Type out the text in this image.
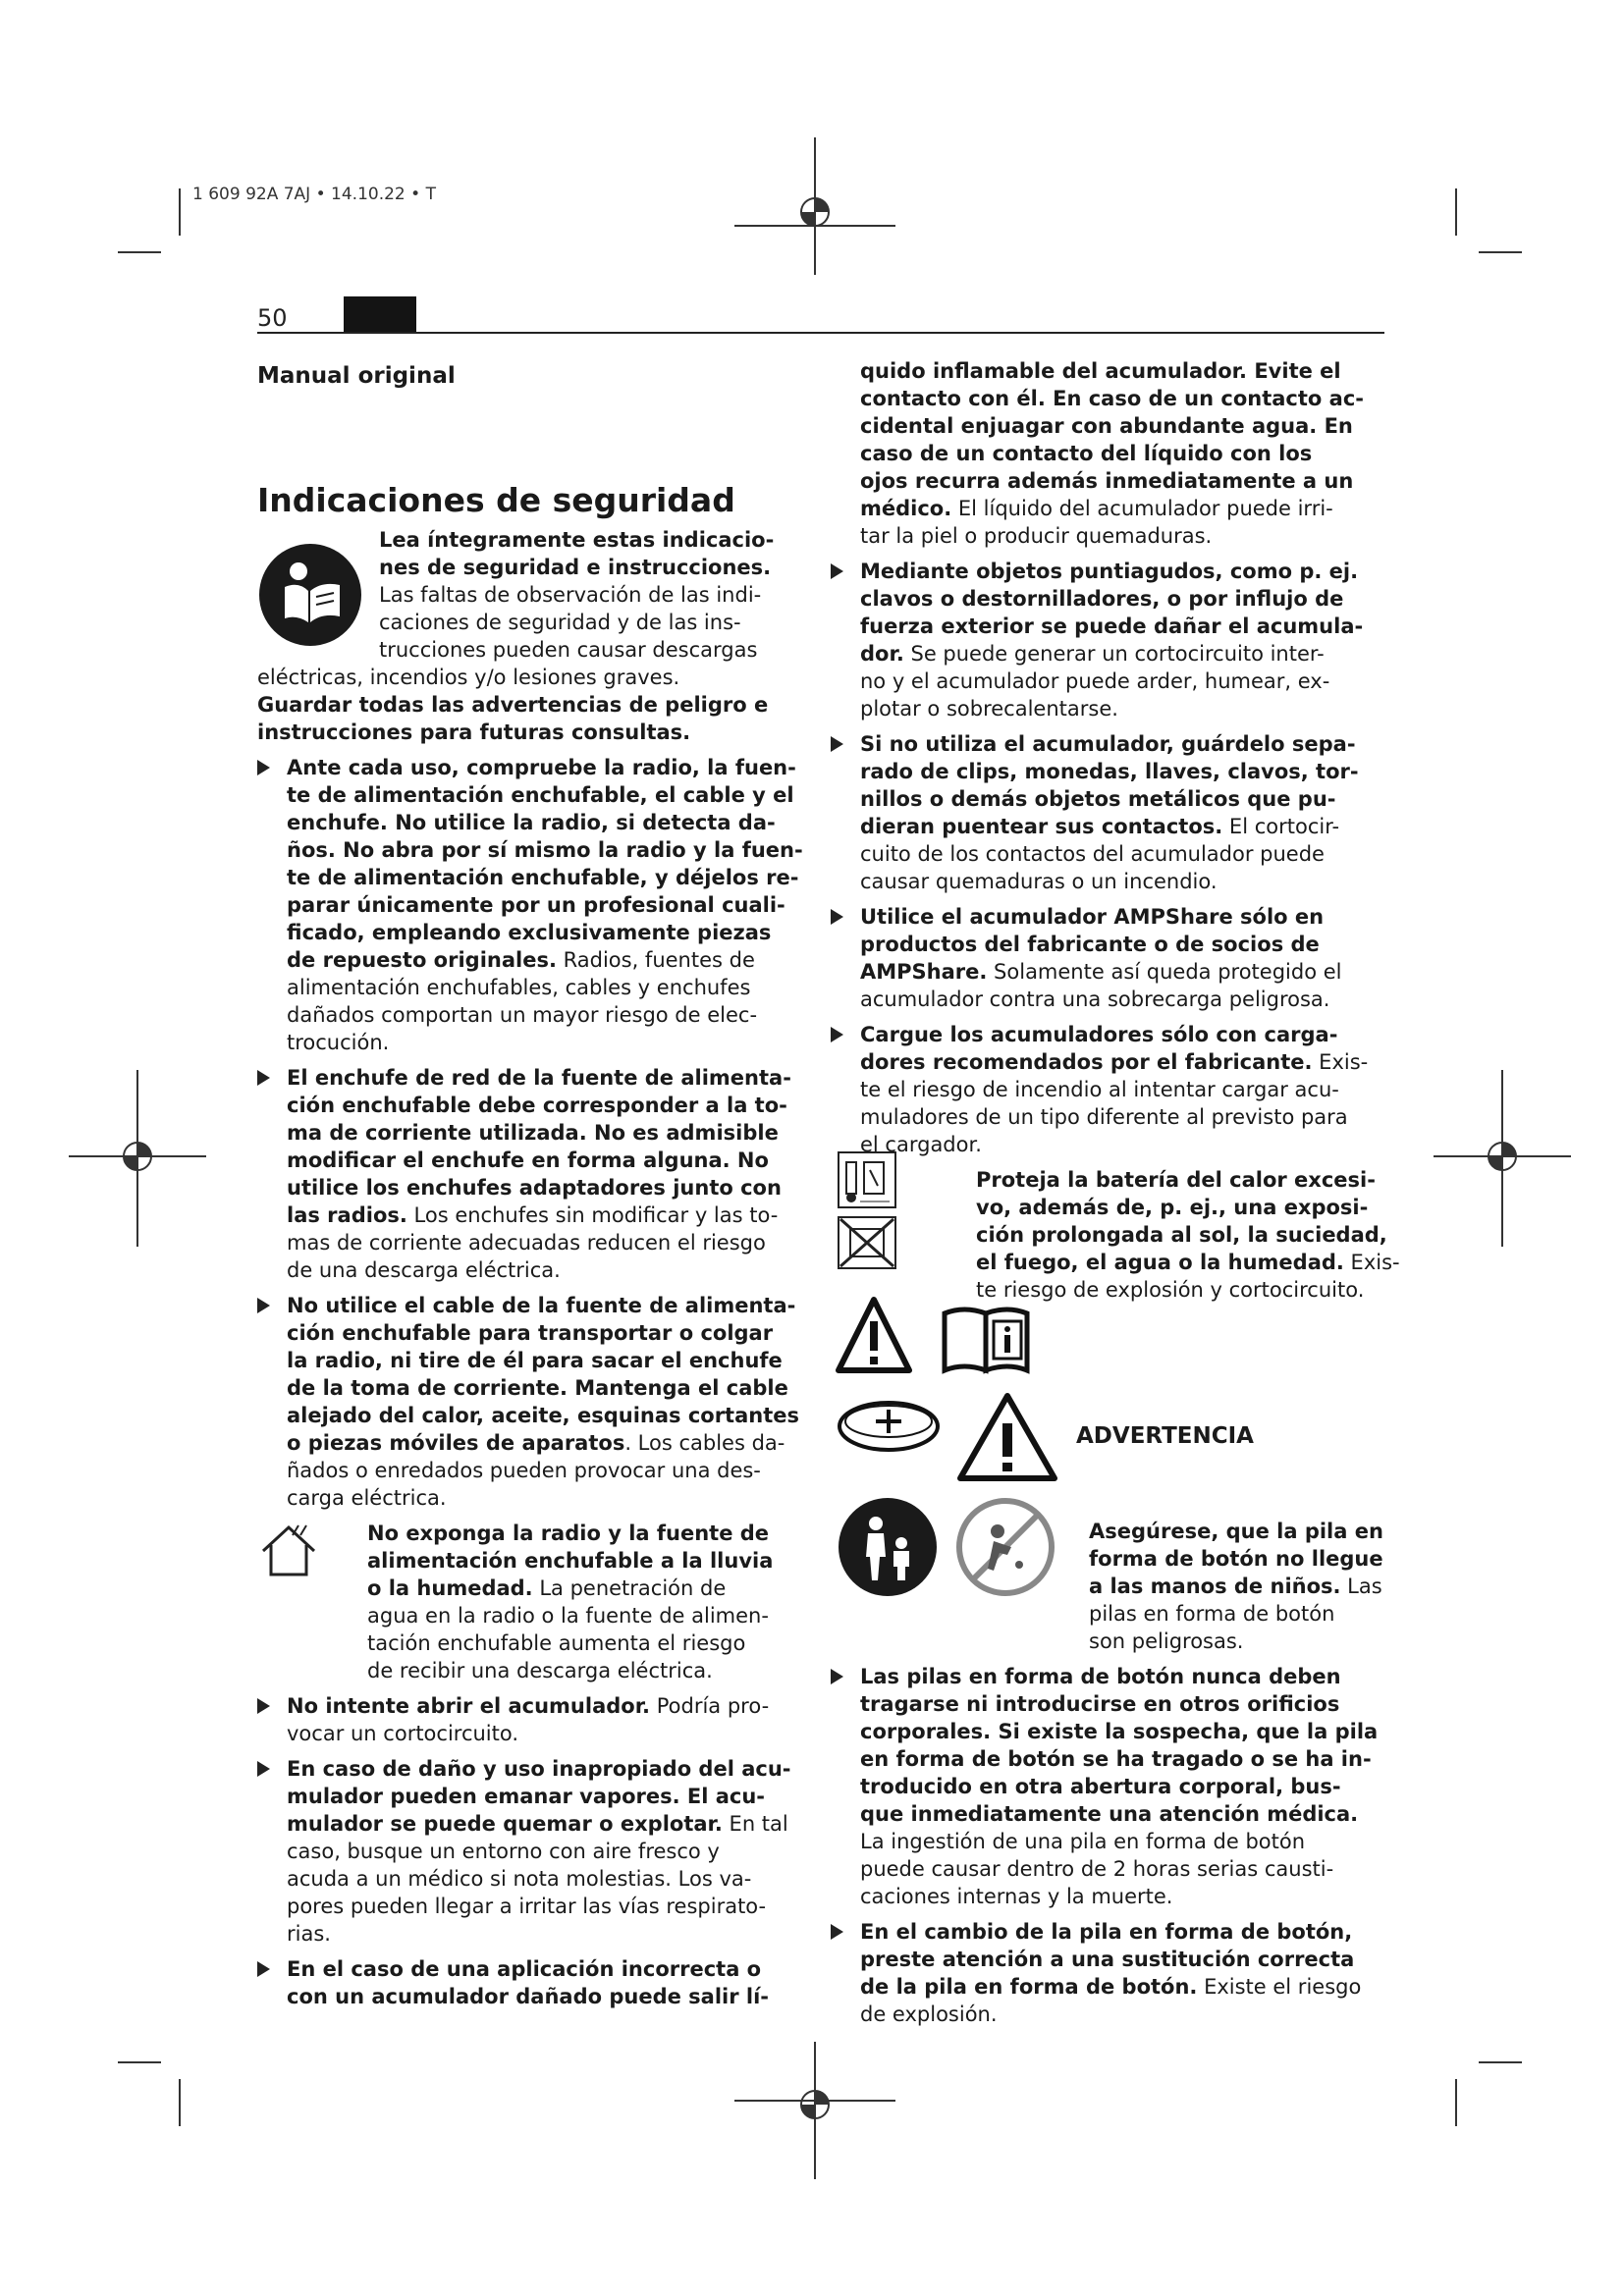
1 609 92A 7AJ • 14.10.22 • T
50
Manual original
Indicaciones de seguridad
Lea íntegramente estas indicacio-
nes de seguridad e instrucciones.
Las faltas de observación de las indi-
caciones de seguridad y de las ins-
trucciones pueden causar descargas
eléctricas, incendios y/o lesiones graves.
Guardar todas las advertencias de peligro e
instrucciones para futuras consultas.
Ante cada uso, compruebe la radio, la fuen-
te de alimentación enchufable, el cable y el
enchufe. No utilice la radio, si detecta da-
ños. No abra por sí mismo la radio y la fuen-
te de alimentación enchufable, y déjelos re-
parar únicamente por un profesional cuali-
ficado, empleando exclusivamente piezas
de repuesto originales. Radios, fuentes de
alimentación enchufables, cables y enchufes
dañados comportan un mayor riesgo de elec-
trocución.
El enchufe de red de la fuente de alimenta-
ción enchufable debe corresponder a la to-
ma de corriente utilizada. No es admisible
modificar el enchufe en forma alguna. No
utilice los enchufes adaptadores junto con
las radios. Los enchufes sin modificar y las to-
mas de corriente adecuadas reducen el riesgo
de una descarga eléctrica.
No utilice el cable de la fuente de alimenta-
ción enchufable para transportar o colgar
la radio, ni tire de él para sacar el enchufe
de la toma de corriente. Mantenga el cable
alejado del calor, aceite, esquinas cortantes
o piezas móviles de aparatos. Los cables da-
ñados o enredados pueden provocar una des-
carga eléctrica.
No exponga la radio y la fuente de
alimentación enchufable a la lluvia
o la humedad. La penetración de
agua en la radio o la fuente de alimen-
tación enchufable aumenta el riesgo
de recibir una descarga eléctrica.
No intente abrir el acumulador. Podría pro-
vocar un cortocircuito.
En caso de daño y uso inapropiado del acu-
mulador pueden emanar vapores. El acu-
mulador se puede quemar o explotar. En tal
caso, busque un entorno con aire fresco y
acuda a un médico si nota molestias. Los va-
pores pueden llegar a irritar las vías respirato-
rias.
En el caso de una aplicación incorrecta o
con un acumulador dañado puede salir lí-
quido inflamable del acumulador. Evite el
contacto con él. En caso de un contacto ac-
cidental enjuagar con abundante agua. En
caso de un contacto del líquido con los
ojos recurra además inmediatamente a un
médico. El líquido del acumulador puede irri-
tar la piel o producir quemaduras.
Mediante objetos puntiagudos, como p. ej.
clavos o destornilladores, o por influjo de
fuerza exterior se puede dañar el acumula-
dor. Se puede generar un cortocircuito inter-
no y el acumulador puede arder, humear, ex-
plotar o sobrecalentarse.
Si no utiliza el acumulador, guárdelo sepa-
rado de clips, monedas, llaves, clavos, tor-
nillos o demás objetos metálicos que pu-
dieran puentear sus contactos. El cortocir-
cuito de los contactos del acumulador puede
causar quemaduras o un incendio.
Utilice el acumulador AMPShare sólo en
productos del fabricante o de socios de
AMPShare. Solamente así queda protegido el
acumulador contra una sobrecarga peligrosa.
Cargue los acumuladores sólo con carga-
dores recomendados por el fabricante. Exis-
te el riesgo de incendio al intentar cargar acu-
muladores de un tipo diferente al previsto para
el cargador.
Proteja la batería del calor excesi-
vo, además de, p. ej., una exposi-
ción prolongada al sol, la suciedad,
el fuego, el agua o la humedad. Exis-
te riesgo de explosión y cortocircuito.
Asegúrese, que la pila en
forma de botón no llegue
a las manos de niños. Las
pilas en forma de botón
son peligrosas.
Las pilas en forma de botón nunca deben
tragarse ni introducirse en otros orificios
corporales. Si existe la sospecha, que la pila
en forma de botón se ha tragado o se ha in-
troducido en otra abertura corporal, bus-
que inmediatamente una atención médica.
La ingestión de una pila en forma de botón
puede causar dentro de 2 horas serias causti-
caciones internas y la muerte.
En el cambio de la pila en forma de botón,
preste atención a una sustitución correcta
de la pila en forma de botón. Existe el riesgo
de explosión.
ADVERTENCIA
